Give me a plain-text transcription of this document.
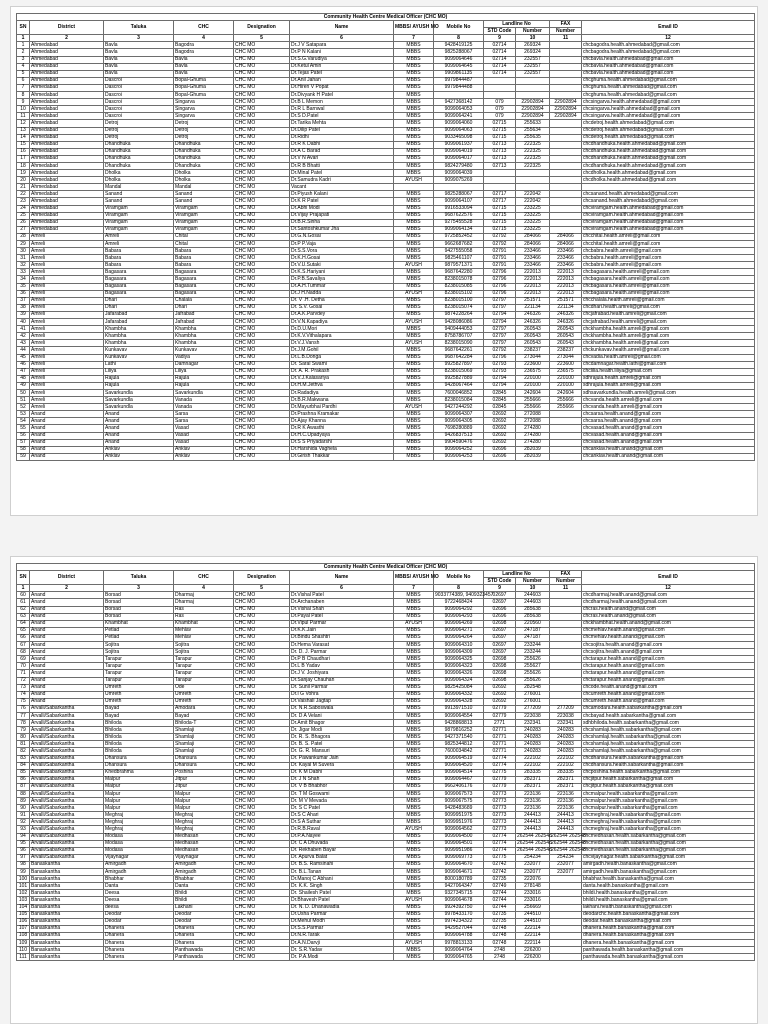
Community Health Centre Medical Officer (CHC MO)											
SN	District	Taluka	CHC	Designation	Name	MBBS/ AYUSH MO	Mobile No	Landline No		FAX	Email ID
								STD Code	Number	Number	
1	2	3	4	5	6	7	8	9	10	11	12
1	Ahmedabad	Bavla	Bagodra	CHC MO	Dr.J V Satapara	MBBS	9428419125	02714	269324		chcbagodra.health.ahmedabad@gmail.com
2	Ahmedabad	Bavla	Bagodra	CHC MO	Dr.P N Kalani	MBBS	9825288067	02714	269324		chcbagodra.health.ahmedabad@gmail.com
3	Ahmedabad	Bavla	Bavla	CHC MO	Dr.S.G.Varudiya	MBBS	9099064646	02714	232557		chcbavla.health.ahmedabad@gmail.com
4	Ahmedabad	Bavla	Bavla	CHC MO	Dr.Ketul Amin	MBBS	9099064645	02714	232557		chcbavla.health.ahmedabad@gmail.com
5	Ahmedabad	Bavla	Bavla	CHC MO	Dr.Tejas Patel	MBBS	9909861135	02714	232557		chcbavla.health.ahmedabad@gmail.com
6	Ahmedabad	Dascroi	Bopal-Ghuma	CHC MO	Dr.Anil Jahan	MBBS	9979844487				chcghuma.health.ahmedabad@gmail.com
7	Ahmedabad	Dascroi	Bopal-Ghuma	CHC MO	Dr.Hiren V Popat	MBBS	9979844488				chcghuma.health.ahmedabad@gmail.com
8	Ahmedabad	Dascroi	Bopal-Ghuma	CHC MO	Dr.Divyank H Patel	MBBS					chcghuma.health.ahmedabad@gmail.com
9	Ahmedabad	Dascroi	Singarva	CHC MO	Dr.B L Memon	MBBS	9427368142	079	22902894	22902894	chcsingarva.health.ahmedabad@gmail.com
10	Ahmedabad	Dascroi	Singarva	CHC MO	Dr.R L Barnwal	MBBS	9099064053	079	22902894	22902894	chcsingarva.health.ahmedabad@gmail.com
11	Ahmedabad	Dascroi	Singarva	CHC MO	Dr.S D.Patel	MBBS	9099064241	079	22902894	22902894	chcsingarva.health.ahmedabad@gmail.com
12	Ahmedabad	Detroj	Detroj	CHC MO	Dr.Tarika Mehta	MBBS	9099064060	02715	255633		chcdetroj.health.ahmedabad@gmail.com
13	Ahmedabad	Detroj	Detroj	CHC MO	Dr.Dilip Patel	MBBS	9099064063	02715	255634		chcdetroj.health.ahmedabad@gmail.com
14	Ahmedabad	Detroj	Detroj	CHC MO	Dr.Ridhi	MBBS	9033465098	02715	255635		chcdetroj.health.ahmedabad@gmail.com
15	Ahmedabad	Dhandhuka	Dhandhuka	CHC MO	Dr.R K Dabhi	MBBS	9099061937	02713	222325		chcdhandhuka.health.ahmedabad@gmail.com
16	Ahmedabad	Dhandhuka	Dhandhuka	CHC MO	Dr.A C Barad	MBBS	9099064019	02713	222325		chcdhandhuka.health.ahmedabad@gmail.com
17	Ahmedabad	Dhandhuka	Dhandhuka	CHC MO	Dr.V N Avari	MBBS	9099064017	02713	222325		chcdhandhuka.health.ahmedabad@gmail.com
18	Ahmedabad	Dhandhuka	Dhandhuka	CHC MO	Dr.R B Bhatti	MBBS	9824279480	02713	222325		chcdhandhuka.health.ahmedabad@gmail.com
19	Ahmedabad	Dholka	Dholka	CHC MO	Dr.Minal Patel	MBBS	9099064039				chcdholka.health.ahmedabad@gmail.com
20	Ahmedabad	Dholka	Dholka	CHC MO	Dr.Samudra Kadri	AYUSH	9099075269				chcdholka.health.ahmedabad@gmail.com
21	Ahmedabad	Mandal	Mandal	CHC MO	Vacant						
22	Ahmedabad	Sanand	Sanand	CHC MO	Dr.Piyush Kalani	MBBS	9825288067	02717	222042		chcsanand.health.ahmedabad@gmail.com
23	Ahmedabad	Sanand	Sanand	CHC MO	Dr.K R Patel	MBBS	9099064107	02717	222042		chcsanand.health.ahmedabad@gmail.com
24	Ahmedabad	Viramgam	Viramgam	CHC MO	Dr.Abhi Modi	MBBS	9916533094	02715	233225		chcviramgam.health.ahmedabad@gmail.com
25	Ahmedabad	Viramgam	Viramgam	CHC MO	Dr.Vijay Prajapati	MBBS	9687622576	02715	233225		chcviramgam.health.ahmedabad@gmail.com
26	Ahmedabad	Viramgam	Viramgam	CHC MO	Dr.B.R.Sinha	MBBS	9275455528	02715	233225		chcviramgam.health.ahmedabad@gmail.com
27	Ahmedabad	Viramgam	Viramgam	CHC MO	Dr.Santoshkumar Jha	MBBS	9099064134	02715	233225		chcviramgam.health.ahmedabad@gmail.com
28	Amreli	Amreli	Chital	CHC MO	Dr.G.N.Gosai	MBBS	9725852452	02792	284066	284066	chcchital.health.amreli@gmail.com
29	Amreli	Amreli	Chital	CHC MO	Dr.P P.Vaja	MBBS	9662687682	02792	284066	284066	chcchital.health.amreli@gmail.com
30	Amreli	Babara	Babara	CHC MO	Dr.S.S.Vora	MBBS	9427555058	02791	233466	233466	chcbabra.health.amreli@gmail.com
31	Amreli	Babara	Babara	CHC MO	Dr.K.H.Gosai	MBBS	9825461107	02791	233466	233466	chcbabra.health.amreli@gmail.com
32	Amreli	Babara	Babara	CHC MO	Dr.V.U.Sutaki	AYUSH	9879571371	02791	233466	233466	chcbabra.health.amreli@gmail.com
33	Amreli	Bagasara	Bagasara	CHC MO	Dr.K.S.Hariyani	MBBS	9687642280	02796	222013	222013	chcbagasara.health.amreli@gmail.com
34	Amreli	Bagasara	Bagasara	CHC MO	Dr.P.B.Savaliya	MBBS	8238015078	02796	222013	222013	chcbagasara.health.amreli@gmail.com
35	Amreli	Bagasara	Bagasara	CHC MO	Dr.A.H.Tummar	MBBS	8238015085	02796	222013	222013	chcbagasara.health.amreli@gmail.com
36	Amreli	Bagasara	Bagasara	CHC MO	Dr.J H.Nadda	AYUSH	8238015102	02796	222013	222013	chcbagasara.health.amreli@gmail.com
37	Amreli	Dhari	Chalala	CHC MO	Dr. V .H. Detha	MBBS	8238015100	02797	251571	251571	chcchalala.health.amreli@gmail.com
38	Amreli	Dhari	Dhari	CHC MO	Dr. S.V. Gosai	MBBS	8238015074	02797	221134	221134	chcdhari.health.amreli@gmail.com
39	Amreli	Jafarabad	Jafrabad	CHC MO	Dr.A.K.Parvdey	MBBS	9874228264	02794	246326	246326	chcjafrabad.health.amreli@gmail.com
40	Amreli	Jafarabad	Jafrabad	CHC MO	Dr.V.N.Kapadiya	AYUSH	9428086086	02794	246326	246326	chcjafrabad.health.amreli@gmail.com
41	Amreli	Khambha	Khambha	CHC MO	Dr.D.U.Mori	MBBS	9409444053	02797	260543	260543	chckhambha.health.amreli@gmail.com
42	Amreli	Khambha	Khambha	CHC MO	Dr.K.V.Vithalapara	MBBS	8758786707	02797	260543	260543	chckhambha.health.amreli@gmail.com
43	Amreli	Khambha	Khambha	CHC MO	Dr.V.J.Vansh	AYUSH	8238015090	02797	260543	260543	chckhambha.health.amreli@gmail.com
44	Amreli	Kunkavav	Kunkavav	CHC MO	Dr.J.M.Gohil	MBBS	9687642261	02792	238237	238237	chckunkavav.health.amreli@gmail.com
45	Amreli	Kunkavav	Vadiya	CHC MO	Dr.L.B.Donga	MBBS	9687642284	02796	273044	273044	chcvadia.health.amreli@gmail.com
46	Amreli	Lathi	Damnagar	CHC MO	Dr. Saral Swami	MBBS	9925827897	02793	223600	223600	chcdamnagar.health.lathi@gmail.com
47	Amreli	Liliya	Liliya	CHC MO	Dr. A. R. Prakash	MBBS	8238015069	02793	236575	236575	chclilia.health.liliya@gmail.com
48	Amreli	Rajula	Rajula	CHC MO	Dr.V.J.Kalasariya	MBBS	9925827889	02794	220100	220100	sdhrajula.health.amreli@gmail.com
49	Amreli	Rajula	Rajula	CHC MO	Dr.H.M.Jethva	MBBS	9428067464	02794	220100	220100	sdhrajula.health.amreli@gmail.com
50	Amreli	Savarkundla	Savarkundla	CHC MO	Dr.Radadiya	MBBS	7600046852	02845	242604	242604	sdhsavarkundla.health.amreli@gmail.com
51	Amreli	Savarkundla	Vanada	CHC MO	Dr.B.R.Makwana	MBBS	8238015084	02845	255666	255666	chcvanda.health.amreli@gmail.com
52	Amreli	Savarkundla	Vanada	CHC MO	Dr.Mayurbhai Pardhi	AYUSH	9427244292	02845	255666	255666	chcvanda.health.amreli@gmail.com
53	Anand	Anand	Sarsa	CHC MO	Dr.Prashna Kramakar	MBBS	9099064307	02692	272088		chcsarsa.health.anand@gmail.com
54	Anand	Anand	Sarsa	CHC MO	Dr.Ajay Khanna	MBBS	9099064305	02692	272088		chcsarsa.health.anand@gmail.com
55	Anand	Anand	Vasad	CHC MO	Dr.R K Awasthi	MBBS	7698280889	02692	274280		chcvasad.health.anand@gmail.com
56	Anand	Anand	Vasad	CHC MO	Dr.H.C.Upadyaya	MBBS	9426837513	02692	274280		chcvasad.health.anand@gmail.com
57	Anand	Anand	Vasad	CHC MO	Dr.S S Priyadarshi	MBBS	9904590476	02692	274280		chcvasad.health.anand@gmail.com
58	Anand	Anklav	Anklav	CHC MO	Dr.Harshida Vaghela	MBBS	9099064252	02696	282039		chcanklav.health.anand@gmail.com
59	Anand	Anklav	Anklav	CHC MO	Dr.Girish Thakkar	MBBS	9099064253	02696	282039		chcanklav.health.anand@gmail.com
Community Health Centre Medical Officer (CHC MO)											
SN	District	Taluka	CHC	Designation	Name	MBBS/ AYUSH MO	Mobile No	Landline No		FAX	Email ID
								STD Code	Number	Number	
1	2	3	4	5	6	7	8	9	10	11	12
60	Anand	Borsad	Dharmaj	CHC MO	Dr.Vishal Patel	MBBS	9033774389, 9409323457	02697	244603		chcdharmaj.health.anand@gmail.com
61	Anand	Borsad	Dharmaj	CHC MO	Dr.Archanaben	MBBS	9722468424	02697	244603		chcdharmaj.health.anand@gmail.com
62	Anand	Borsad	Ras	CHC MO	Dr.Vishal Shah	MBBS	9099064292	02696	285638		chcras.health.anand@gmail.com
63	Anand	Borsad	Ras	CHC MO	Dr.Payal Patel	MBBS	9099064293	02696	285638		chcras.health.anand@gmail.com
64	Anand	Khambhat	Khambhat	CHC MO	Dr.Vipul Parmar	AYUSH	9099064269	02698	220560		chckhambhat.health.anand@gmail.com
65	Anand	Petlad	Mehlav	CHC MO	Dr.K.K.Jain	MBBS	9099064271	02697	247187		chcmehlav.health.anand@gmail.com
66	Anand	Petlad	Mehlav	CHC MO	Dr.Bindu Shashtri	MBBS	9099064264	02697	247187		chcmehlav.health.anand@gmail.com
67	Anand	Sojitra	Sojitra	CHC MO	Dr.Hema Varasat	MBBS	9099064310	02697	233244		chcsojitra.health.anand@gmail.com
68	Anand	Sojitra	Sojitra	CHC MO	Dr. D. J. Parmar	MBBS	9099064309	02697	233244		chcsojitra.health.anand@gmail.com
69	Anand	Tarapur	Tarapur	CHC MO	Dr.P B Chaudhari	MBBS	9099064325	02698	255626		chctarapur.health.anand@gmail.com
70	Anand	Tarapur	Tarapur	CHC MO	Dr.L B Yadav	MBBS	9099064323	02698	255627		chctarapur.health.anand@gmail.com
71	Anand	Tarapur	Tarapur	CHC MO	Dr.J V. Joshiyara	MBBS	9099064326	02698	255626		chctarapur.health.anand@gmail.com
72	Anand	Tarapur	Tarapur	CHC MO	Dr.Sanjay Chauhan	MBBS	9099064324	02698	255626		chctarapur.health.anand@gmail.com
73	Anand	Umreth	Ode	CHC MO	Dr. Sunil Parmar	MBBS	9825425084	02692	282548		chcode.health.anand@gmail.com
74	Anand	Umreth	Umreth	CHC MO	Dr.I G Vohra	MBBS	9099064332	02692	276001		chcumreth.health.anand@gmail.com
75	Anand	Umreth	Umreth	CHC MO	Dr.Vaishali Jagtap	MBBS	9099064328	02692	276001		chcumreth.health.anand@gmail.com
76	Arvalli/Sabarkantha	Bayad	Amodara	CHC MO	Dr. N.R.Saboswala	MBBS	9913971510	02779	277209	277209	chcamodara.health.sabarkantha@gmail.com
77	Arvalli/Sabarkantha	Bayad	Bayad	CHC MO	Dr. D A Velani	MBBS	9099064554	02779	223038	223038	chcbayad.health.sabarkantha@gmail.com
78	Arvalli/Sabarkantha	Bhiloda	Bhiloda-T	CHC MO	Dr.Amit Bhagor	MBBS	9428868813	2771	232341	232341	sdhbhiloda.health.sabarkantha@gmail.com
79	Arvalli/Sabarkantha	Bhiloda	Shamlaji	CHC MO	Dr. Jigar Modi	MBBS	9879816252	02771	240283	240283	chcshamlaji.health.sabarkantha@gmail.com
80	Arvalli/Sabarkantha	Bhiloda	Shamlaji	CHC MO	Dr. R. S. Bhagora	MBBS	9427371540	02771	240283	240283	chcshamlaji.health.sabarkantha@gmail.com
81	Arvalli/Sabarkantha	Bhiloda	Shamlaji	CHC MO	Dr. B. S. Patel	MBBS	9825344812	02771	240283	240283	chcshamlaji.health.sabarkantha@gmail.com
82	Arvalli/Sabarkantha	Bhiloda	Shamlaji	CHC MO	Dr. G. R. Mansuri	MBBS	7600034842	02771	240283	240283	chcshamlaji.health.sabarkantha@gmail.com
83	Arvalli/Sabarkantha	Dhansura	Dhansura	CHC MO	Dr. Pawankumar Jain	MBBS	9099064519	02774	222102	222102	chcdhansura.health.sabarkantha@gmail.com
84	Arvalli/Sabarkantha	Dhansura	Dhansura	CHC MO	Dr. Kayal M Suvera	MBBS	9099064520	02774	222102	222102	chcdhansura.health.sabarkantha@gmail.com
85	Arvalli/Sabarkantha	Khedbrahma	Poshina	CHC MO	Dr. K M Dabhi	MBBS	9099064514	02775	283335	283335	chcposhina.health.sabarkantha@gmail.com
86	Arvalli/Sabarkantha	Malpur	Jitpur	CHC MO	Dr. J N Shah	MBBS	9099064467	02779	282371	282371	chcjitpur.health.sabarkantha@gmail.com
87	Arvalli/Sabarkantha	Malpur	Jitpur	CHC MO	Dr. V B Bhabhor	MBBS	9662406176	02779	282371	282371	chcjitpur.health.sabarkantha@gmail.com
88	Arvalli/Sabarkantha	Malpur	Malpur	CHC MO	Dr. T M Goswami	MBBS	9099067573	02773	223136	223136	chcmalpur.health.sabarkantha@gmail.com
89	Arvalli/Sabarkantha	Malpur	Malpur	CHC MO	Dr. M V Mevada	MBBS	9099067575	02773	223136	223136	chcmalpur.health.sabarkantha@gmail.com
90	Arvalli/Sabarkantha	Malpur	Malpur	CHC MO	Dr. S C Patel	MBBS	9428483689	02773	223136	223136	chcmalpur.health.sabarkantha@gmail.com
91	Arvalli/Sabarkantha	Meghraj	Meghraj	CHC MO	Dr.S C Ahari	MBBS	9099951975	02773	244413	244413	chcmeghraj.health.sabarkantha@gmail.com
92	Arvalli/Sabarkantha	Meghraj	Meghraj	CHC MO	Dr.S A Suthar	MBBS	9099951976	02773	244413	244413	chcmeghraj.health.sabarkantha@gmail.com
93	Arvalli/Sabarkantha	Meghraj	Meghraj	CHC MO	Dr.R.B.Raval	AYUSH	9099064562	02773	244413	244413	chcmeghraj.health.sabarkantha@gmail.com
94	Arvalli/Sabarkantha	Modasa	Medhasan	CHC MO	Dr.P.A.Nayee	MBBS	9099064500	02774	262544 262548	262544 262548	chcmedhasan.health.sabarkantha@gmail.com
95	Arvalli/Sabarkantha	Modasa	Medhasan	CHC MO	Dr. C A Dhuvada	MBBS	9099064501	02774	262544 262548	262544 262548	chcmedhasan.health.sabarkantha@gmail.com
96	Arvalli/Sabarkantha	Modasa	Medhasan	CHC MO	Dr. Rekhaben Bayar	MBBS	9099951986	02774	262544 262548	262544 262548	chcmedhasan.health.sabarkantha@gmail.com
97	Arvalli/Sabarkantha	Vijaynagar	Vijaynagar	CHC MO	Dr. Apurva Balat	MBBS	9099069773	02775	254234	254234	chcvijaynagar.health.sabarkantha@gmail.com
98	Banaskantha	Amirgadh	Amirgadh	CHC MO	Dr. B.S. Ramsinahi	MBBS	9099064670	02742	232077	232077	amirgadh.health.banaskantha@gmail.com
99	Banaskantha	Amirgadh	Amirgadh	CHC MO	Dr. B.L.Tanan	MBBS	9099064671	02742	232077	232077	amirgadh.health.banaskantha@gmail.com
100	Banaskantha	Bhabhar	Bhabhar	CHC MO	Dr.Manoj C Abhani	MBBS	8000180789	02735	222076		bhabhar.health.banaskantha@gmail.com
101	Banaskantha	Danta	Danta	CHC MO	Dr. K.K. Singh	MBBS	9427064347	02749	278148		danta.health.banaskantha@gmail.com
102	Banaskantha	Deesa	Bhildi	CHC MO	Dr. Shailesh Patel	MBBS	9327345715	02744	233016		bhildi.health.banaskantha@gmail.com
103	Banaskantha	Deesa	Bhildi	CHC MO	Dr.Bhavesh Patel	AYUSH	9099064678	02744	233016		bhildi.health.banaskantha@gmail.com
104	Banaskantha	deesa	Lakhani	CHC MO	Dr. N. D. Dhanawadia	MBBS	9924392750	02744	256669		lakhani.health.banaskantha@gmail.com
105	Banaskantha	Deodar	Deodar	CHC MO	Dr.Usha Parmar	MBBS	9978433170	02735	244510		deodarchc.health.banaskantha@gmail.com
106	Banaskantha	Deodar	Deodar	CHC MO	Dr.Mehul Modh	MBBS	9974234322	02735	244510		deodar.health.banaskantha@gmail.com
107	Banaskantha	Dhanera	Dhanera	CHC MO	Dr.S.S.Parmar	MBBS	9429527044	02748	222114		dhanera.health.banaskantha@gmail.com
108	Banaskantha	Dhanera	Dhanera	CHC MO	Dr.N.R.Tarak	MBBS	9099064788	02748	222114		dhanera.health.banaskantha@gmail.com
109	Banaskantha	Dhanera	Dhanera	CHC MO	Dr.A.N.Darvji	AYUSH	9978813133	02748	222114		dhanera.health.banaskantha@gmail.com
110	Banaskantha	Dhanera	Panthawada	CHC MO	Dr. S.R.Yadav	MBBS	9099064764	2748	226200		panthawada.health.banaskantha@gmail.com
111	Banaskantha	Dhanera	Panthawada	CHC MO	Dr. P.A.Modi	MBBS	9099064765	2748	226200		panthawada.health.banaskantha@gmail.com
